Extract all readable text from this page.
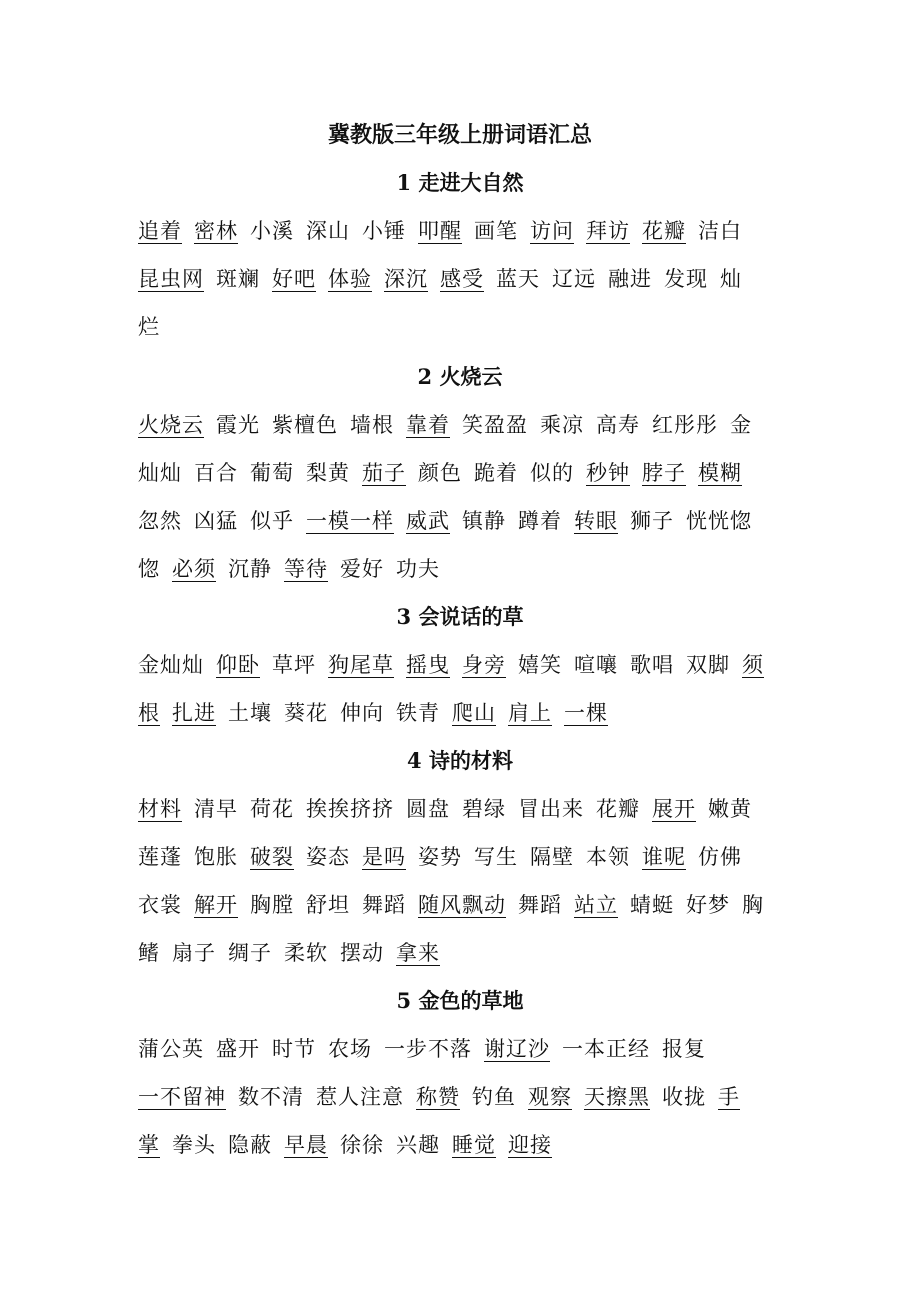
冀教版三年级上册词语汇总
1 走进大自然
追着 密林 小溪 深山 小锤 叩醒 画笔 访问 拜访 花瓣 洁白
昆虫网 斑斓 好吧 体验 深沉 感受 蓝天 辽远 融进 发现 灿
烂
2 火烧云
火烧云 霞光 紫檀色 墙根 靠着 笑盈盈 乘凉 高寿 红彤彤 金
灿灿 百合 葡萄 梨黄 茄子 颜色 跪着 似的 秒钟 脖子 模糊
忽然 凶猛 似乎 一模一样 威武 镇静 蹲着 转眼 狮子 恍恍惚
惚 必须 沉静 等待 爱好 功夫
3 会说话的草
金灿灿 仰卧 草坪 狗尾草 摇曳 身旁 嬉笑 喧嚷 歌唱 双脚 须
根 扎进 土壤 葵花 伸向 铁青 爬山 肩上 一棵
4 诗的材料
材料 清早 荷花 挨挨挤挤 圆盘 碧绿 冒出来 花瓣 展开 嫩黄
莲蓬 饱胀 破裂 姿态 是吗 姿势 写生 隔壁 本领 谁呢 仿佛
衣裳 解开 胸膛 舒坦 舞蹈 随风飘动 舞蹈 站立 蜻蜓 好梦 胸
鳍 扇子 绸子 柔软 摆动 拿来
5 金色的草地
蒲公英 盛开 时节 农场 一步不落 谢辽沙 一本正经 报复
一不留神 数不清 惹人注意 称赞 钓鱼 观察 天擦黑 收拢 手
掌 拳头 隐蔽 早晨 徐徐 兴趣 睡觉 迎接
